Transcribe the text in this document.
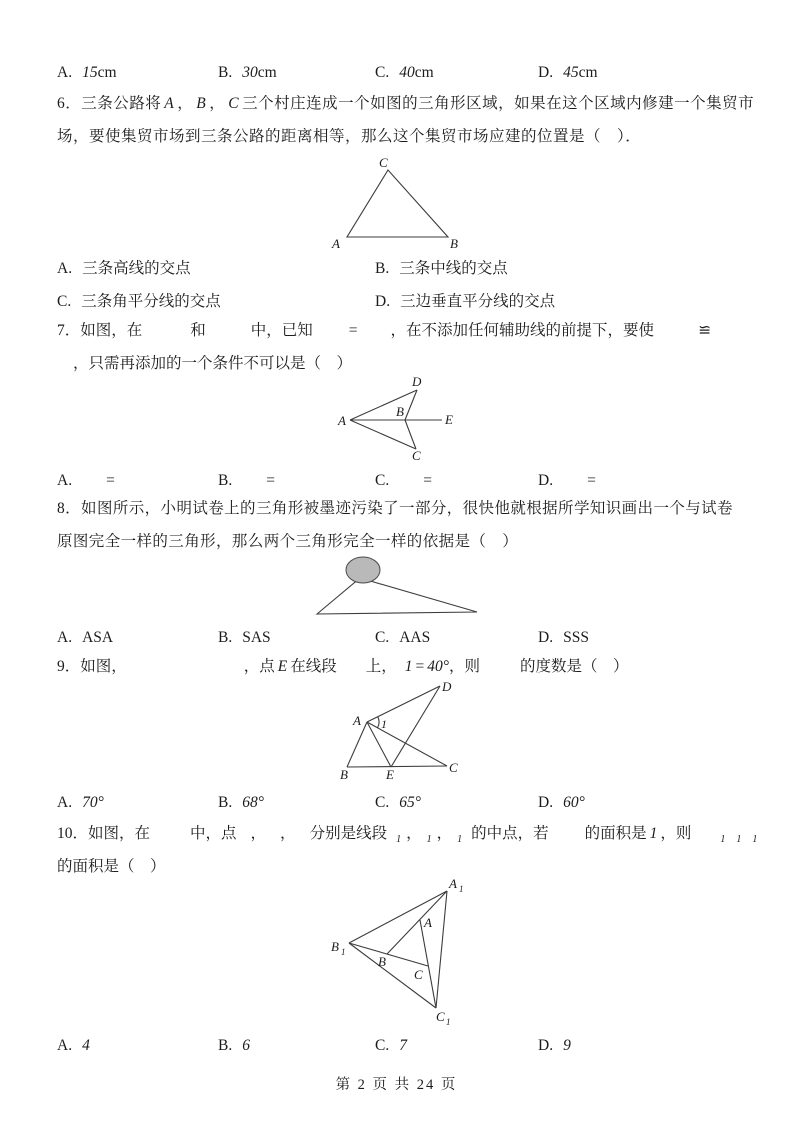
A. 15cm	B. 30cm	C. 40cm	D. 45cm
6．三条公路将 A ， B ， C 三个村庄连成一个如图的三角形区域，如果在这个区域内修建一个集贸市
场，要使集贸市场到三条公路的距离相等，那么这个集贸市场应建的位置是（　）．
C
A	B
A. 三条高线的交点	B. 三条中线的交点
C. 三条角平分线的交点	D. 三边垂直平分线的交点
7．如图，在	和	中，已知 = ，在不添加任何辅助线的前提下，要使	≌
，只需再添加的一个条件不可以是（　）
A
B
D
E
C
A. =	B. =	C. =	D. =
8．如图所示，小明试卷上的三角形被墨迹污染了一部分，很快他就根据所学知识画出一个与试卷
原图完全一样的三角形，那么两个三角形完全一样的依据是（　）
A. ASA	B. SAS	C. AAS	D. SSS
9．如图，	，点 E 在线段 上， 1 = 40°，则	的度数是（　）
A 1
B	E	C
D
A. 70°	B. 68°	C. 65°	D. 60°
10．如图，在	中，点 ， ， 分别是线段 $_1$ ， $_1$ ， $_1$ 的中点，若 的面积是 1 ，则	$_1$ $_1$ $_1$
的面积是（　）
A 1
B 1
C 1
A
B
C
A. 4	B. 6	C. 7	D. 9
第 2 页 共 24 页
